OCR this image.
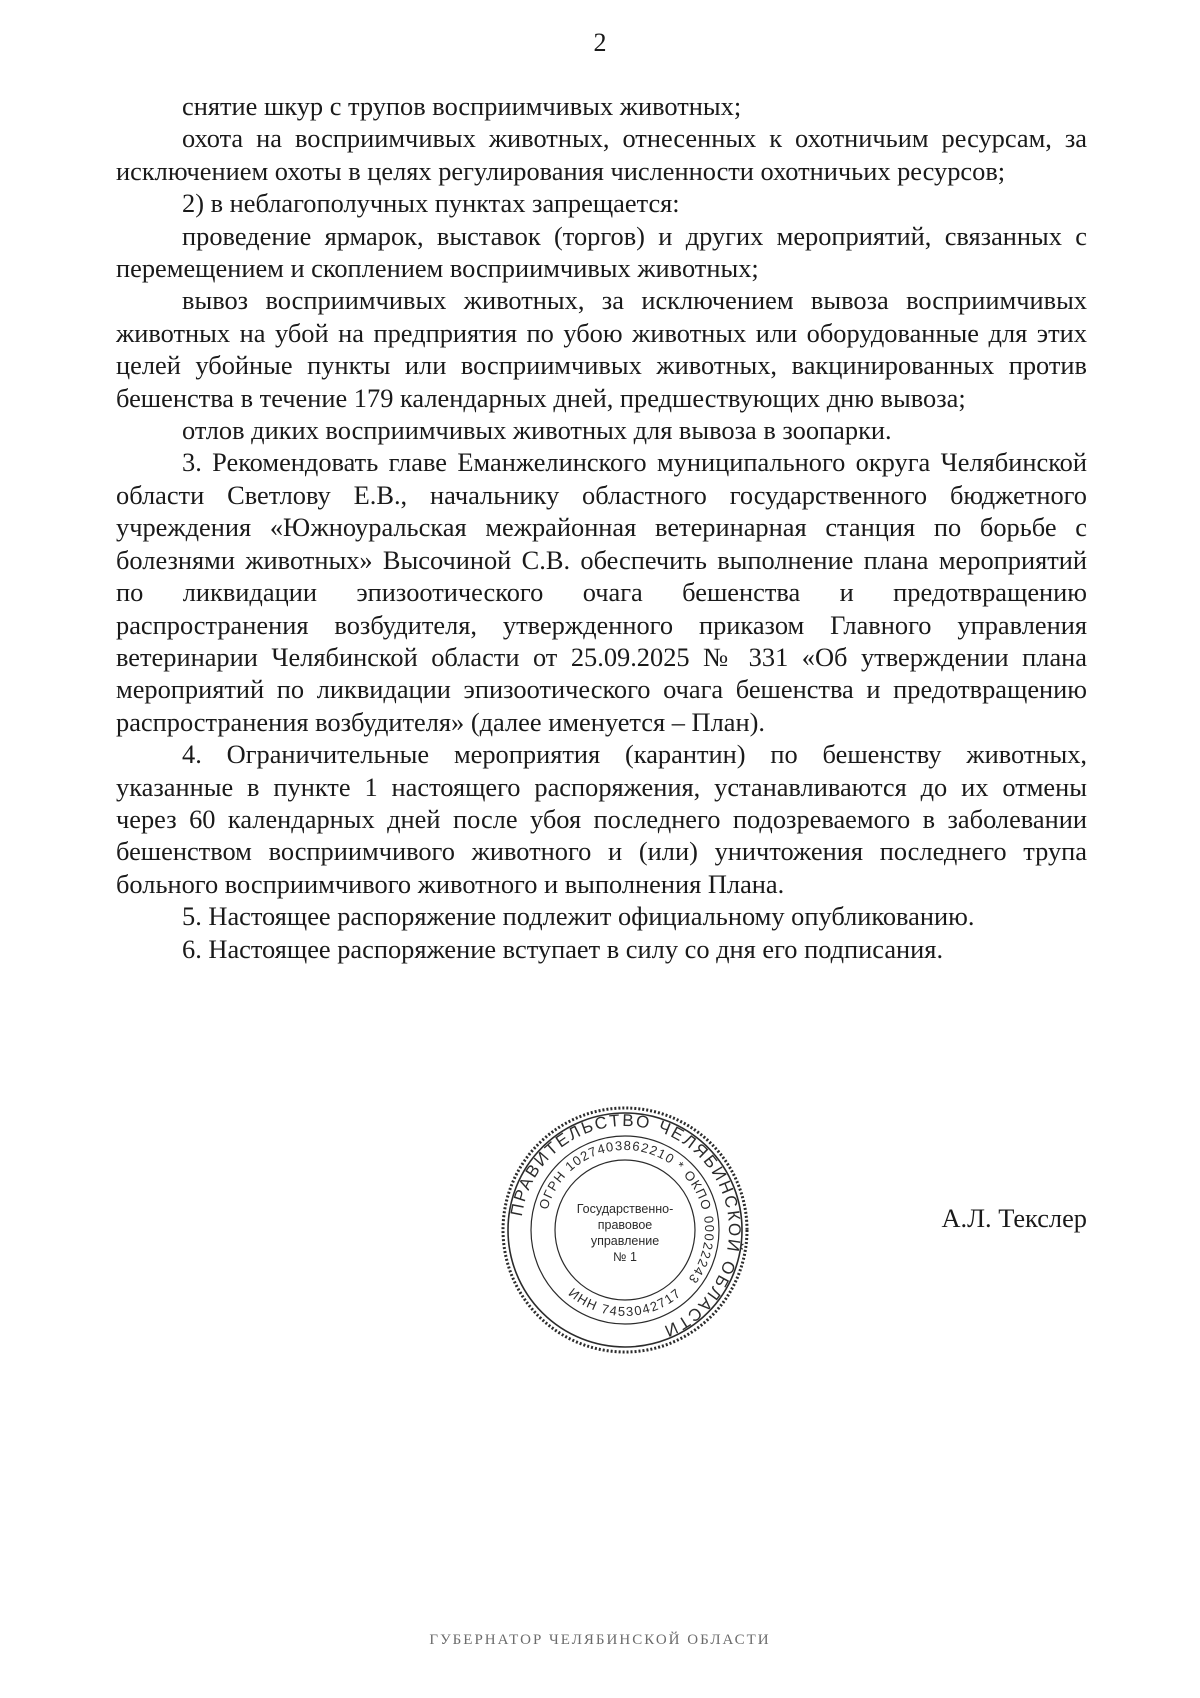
2

снятие шкур с трупов восприимчивых животных;

охота на восприимчивых животных, отнесенных к охотничьим ресурсам, за исключением охоты в целях регулирования численности охотничьих ресурсов;

2) в неблагополучных пунктах запрещается:

проведение ярмарок, выставок (торгов) и других мероприятий, связанных с перемещением и скоплением восприимчивых животных;

вывоз восприимчивых животных, за исключением вывоза восприимчивых животных на убой на предприятия по убою животных или оборудованные для этих целей убойные пункты или восприимчивых животных, вакцинированных против бешенства в течение 179 календарных дней, предшествующих дню вывоза;

отлов диких восприимчивых животных для вывоза в зоопарки.

3. Рекомендовать главе Еманжелинского муниципального округа Челябинской области Светлову Е.В., начальнику областного государственного бюджетного учреждения «Южноуральская межрайонная ветеринарная станция по борьбе с болезнями животных» Высочиной С.В. обеспечить выполнение плана мероприятий по ликвидации эпизоотического очага бешенства и предотвращению распространения возбудителя, утвержденного приказом Главного управления ветеринарии Челябинской области от 25.09.2025 № 331 «Об утверждении плана мероприятий по ликвидации эпизоотического очага бешенства и предотвращению распространения возбудителя» (далее именуется – План).

4. Ограничительные мероприятия (карантин) по бешенству животных, указанные в пункте 1 настоящего распоряжения, устанавливаются до их отмены через 60 календарных дней после убоя последнего подозреваемого в заболевании бешенством восприимчивого животного и (или) уничтожения последнего трупа больного восприимчивого животного и выполнения Плана.

5. Настоящее распоряжение подлежит официальному опубликованию.

6. Настоящее распоряжение вступает в силу со дня его подписания.

ПРАВИТЕЛЬСТВО ЧЕЛЯБИНСКОЙ ОБЛАСТИ
ОГРН 1027403862210 * ОКПО 00022243
ИНН 7453042717
Государственно-
правовое
управление
№ 1
А.Л. Текслер
ГУБЕРНАТОР ЧЕЛЯБИНСКОЙ ОБЛАСТИ
